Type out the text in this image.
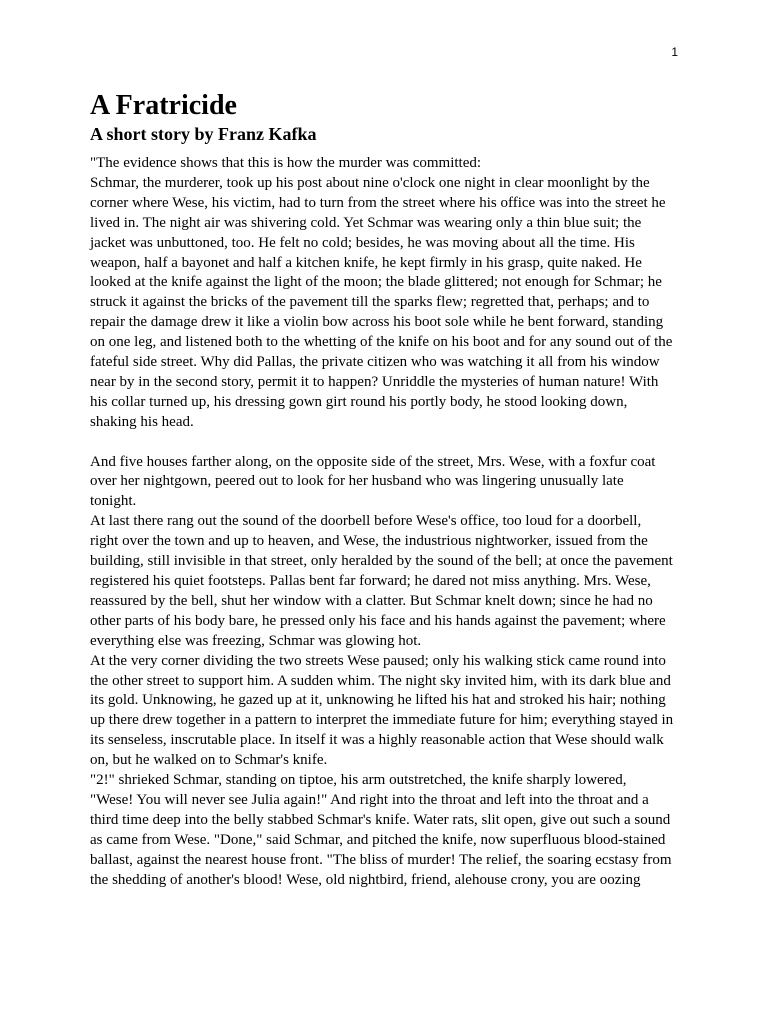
1
A Fratricide
A short story by Franz Kafka

"The evidence shows that this is how the murder was committed:

Schmar, the murderer, took up his post about nine o'clock one night in clear moonlight by the
corner where Wese, his victim, had to turn from the street where his office was into the street he
lived in. The night air was shivering cold. Yet Schmar was wearing only a thin blue suit; the
jacket was unbuttoned, too. He felt no cold; besides, he was moving about all the time. His
weapon, half a bayonet and half a kitchen knife, he kept firmly in his grasp, quite naked. He
looked at the knife against the light of the moon; the blade glittered; not enough for Schmar; he
struck it against the bricks of the pavement till the sparks flew; regretted that, perhaps; and to
repair the damage drew it like a violin bow across his boot sole while he bent forward, standing
on one leg, and listened both to the whetting of the knife on his boot and for any sound out of the
fateful side street. Why did Pallas, the private citizen who was watching it all from his window
near by in the second story, permit it to happen? Unriddle the mysteries of human nature! With
his collar turned up, his dressing gown girt round his portly body, he stood looking down,
shaking his head.

And five houses farther along, on the opposite side of the street, Mrs. Wese, with a foxfur coat
over her nightgown, peered out to look for her husband who was lingering unusually late
tonight.

At last there rang out the sound of the doorbell before Wese's office, too loud for a doorbell,
right over the town and up to heaven, and Wese, the industrious nightworker, issued from the
building, still invisible in that street, only heralded by the sound of the bell; at once the pavement
registered his quiet footsteps. Pallas bent far forward; he dared not miss anything. Mrs. Wese,
reassured by the bell, shut her window with a clatter. But Schmar knelt down; since he had no
other parts of his body bare, he pressed only his face and his hands against the pavement; where
everything else was freezing, Schmar was glowing hot.

At the very corner dividing the two streets Wese paused; only his walking stick came round into
the other street to support him. A sudden whim. The night sky invited him, with its dark blue and
its gold. Unknowing, he gazed up at it, unknowing he lifted his hat and stroked his hair; nothing
up there drew together in a pattern to interpret the immediate future for him; everything stayed in
its senseless, inscrutable place. In itself it was a highly reasonable action that Wese should walk
on, but he walked on to Schmar's knife.

"2!" shrieked Schmar, standing on tiptoe, his arm outstretched, the knife sharply lowered,
"Wese! You will never see Julia again!" And right into the throat and left into the throat and a
third time deep into the belly stabbed Schmar's knife. Water rats, slit open, give out such a sound
as came from Wese. "Done," said Schmar, and pitched the knife, now superfluous blood-stained
ballast, against the nearest house front. "The bliss of murder! The relief, the soaring ecstasy from
the shedding of another's blood! Wese, old nightbird, friend, alehouse crony, you are oozing
